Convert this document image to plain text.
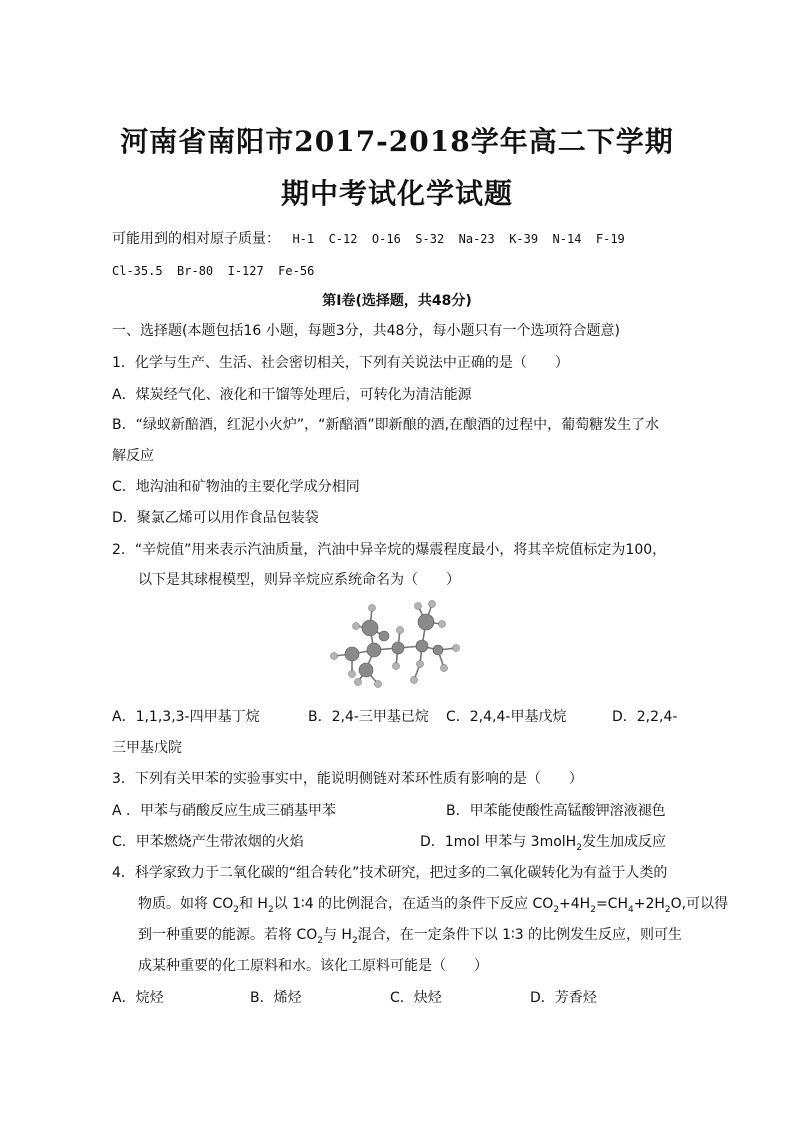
河南省南阳市2017-2018学年高二下学期
期中考试化学试题
可能用到的相对原子质量： H-1  C-12  O-16  S-32  Na-23  K-39  N-14  F-19
Cl-35.5  Br-80  I-127  Fe-56
第Ⅰ卷(选择题，共48分)
一、选择题(本题包括16 小题，每题3分，共48分，每小题只有一个选项符合题意)
1．化学与生产、生活、社会密切相关，下列有关说法中正确的是（　　）
A．煤炭经气化、液化和干馏等处理后，可转化为清洁能源
B．“绿蚁新醅酒，红泥小火炉”，“新醅酒”即新酿的酒,在酿酒的过程中，葡萄糖发生了水
解反应
C．地沟油和矿物油的主要化学成分相同
D．聚氯乙烯可以用作食品包装袋
2．“辛烷值”用来表示汽油质量，汽油中异辛烷的爆震程度最小，将其辛烷值标定为100，
以下是其球棍模型，则异辛烷应系统命名为（　　）
A．1,1,3,3-四甲基丁烷	B．2,4-三甲基已烷 C．2,4,4-甲基戊烷	D．2,2,4-
三甲基戊院
3．下列有关甲苯的实验事实中，能说明侧链对苯环性质有影响的是（　　）
A ．甲苯与硝酸反应生成三硝基甲苯	B．甲苯能使酸性高锰酸钾溶液褪色
C．甲苯燃烧产生带浓烟的火焰	D．1mol 甲苯与 3molH$_2$发生加成反应
4．科学家致力于二氧化碳的“组合转化”技术研究，把过多的二氧化碳转化为有益于人类的
物质。如将 $CO_2$和 $H_2$以 1∶4 的比例混合，在适当的条件下反应 $CO_2+4H_2=CH_4+2H_2O$,可以得
到一种重要的能源。若将 $CO_2$与 $H_2$混合，在一定条件下以 1∶3 的比例发生反应，则可生
成某种重要的化工原料和水。该化工原料可能是（　　）
A．烷烃	B．烯烃	C．炔烃	D．芳香烃
